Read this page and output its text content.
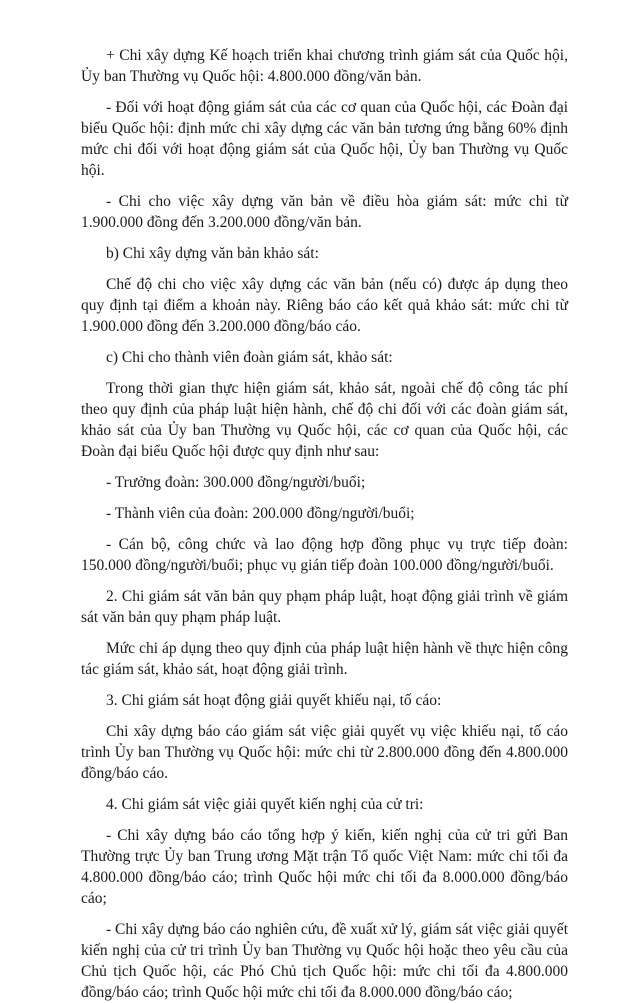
+ Chi xây dựng Kế hoạch triển khai chương trình giám sát của Quốc hội, Ủy ban Thường vụ Quốc hội: 4.800.000 đồng/văn bản.

- Đối với hoạt động giám sát của các cơ quan của Quốc hội, các Đoàn đại biểu Quốc hội: định mức chi xây dựng các văn bản tương ứng bằng 60% định mức chi đối với hoạt động giám sát của Quốc hội, Ủy ban Thường vụ Quốc hội.

- Chi cho việc xây dựng văn bản về điều hòa giám sát: mức chi từ 1.900.000 đồng đến 3.200.000 đồng/văn bản.

b) Chi xây dựng văn bản khảo sát:

Chế độ chi cho việc xây dựng các văn bản (nếu có) được áp dụng theo quy định tại điểm a khoản này. Riêng báo cáo kết quả khảo sát: mức chi từ 1.900.000 đồng đến 3.200.000 đồng/báo cáo.

c) Chi cho thành viên đoàn giám sát, khảo sát:

Trong thời gian thực hiện giám sát, khảo sát, ngoài chế độ công tác phí theo quy định của pháp luật hiện hành, chế độ chi đối với các đoàn giám sát, khảo sát của Ủy ban Thường vụ Quốc hội, các cơ quan của Quốc hội, các Đoàn đại biểu Quốc hội được quy định như sau:

- Trưởng đoàn: 300.000 đồng/người/buổi;

- Thành viên của đoàn: 200.000 đồng/người/buổi;

- Cán bộ, công chức và lao động hợp đồng phục vụ trực tiếp đoàn: 150.000 đồng/người/buổi; phục vụ gián tiếp đoàn 100.000 đồng/người/buổi.

2. Chi giám sát văn bản quy phạm pháp luật, hoạt động giải trình về giám sát văn bản quy phạm pháp luật.

Mức chi áp dụng theo quy định của pháp luật hiện hành về thực hiện công tác giám sát, khảo sát, hoạt động giải trình.

3. Chi giám sát hoạt động giải quyết khiếu nại, tố cáo:

Chi xây dựng báo cáo giám sát việc giải quyết vụ việc khiếu nại, tố cáo trình Ủy ban Thường vụ Quốc hội: mức chi từ 2.800.000 đồng đến 4.800.000 đồng/báo cáo.

4. Chi giám sát việc giải quyết kiến nghị của cử tri:

- Chi xây dựng báo cáo tổng hợp ý kiến, kiến nghị của cử tri gửi Ban Thường trực Ủy ban Trung ương Mặt trận Tổ quốc Việt Nam: mức chi tối đa 4.800.000 đồng/báo cáo; trình Quốc hội mức chi tối đa 8.000.000 đồng/báo cáo;

- Chi xây dựng báo cáo nghiên cứu, đề xuất xử lý, giám sát việc giải quyết kiến nghị của cử tri trình Ủy ban Thường vụ Quốc hội hoặc theo yêu cầu của Chủ tịch Quốc hội, các Phó Chủ tịch Quốc hội: mức chi tối đa 4.800.000 đồng/báo cáo; trình Quốc hội mức chi tối đa 8.000.000 đồng/báo cáo;
